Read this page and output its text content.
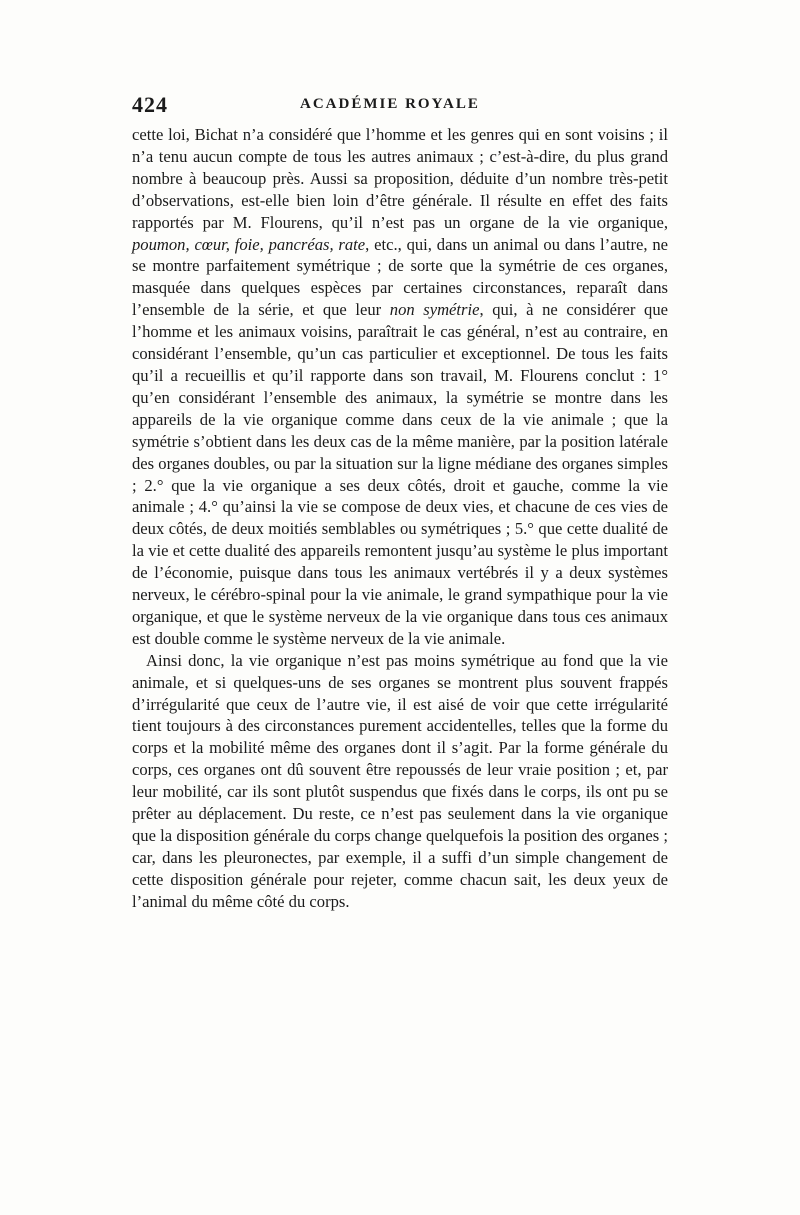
424	ACADÉMIE ROYALE

cette loi, Bichat n’a considéré que l’homme et les genres qui en sont voisins ; il n’a tenu aucun compte de tous les autres animaux ; c’est-à-dire, du plus grand nombre à beaucoup près. Aussi sa proposition, déduite d’un nombre très-petit d’observations, est-elle bien loin d’être générale. Il résulte en effet des faits rapportés par M. Flourens, qu’il n’est pas un organe de la vie organique, poumon, cœur, foie, pancréas, rate, etc., qui, dans un animal ou dans l’autre, ne se montre parfaitement symétrique ; de sorte que la symétrie de ces organes, masquée dans quelques espèces par certaines circonstances, reparaît dans l’ensemble de la série, et que leur non symétrie, qui, à ne considérer que l’homme et les animaux voisins, paraîtrait le cas général, n’est au contraire, en considérant l’ensemble, qu’un cas particulier et exceptionnel. De tous les faits qu’il a recueillis et qu’il rapporte dans son travail, M. Flourens conclut : 1° qu’en considérant l’ensemble des animaux, la symétrie se montre dans les appareils de la vie organique comme dans ceux de la vie animale ; que la symétrie s’obtient dans les deux cas de la même manière, par la position latérale des organes doubles, ou par la situation sur la ligne médiane des organes simples ; 2.° que la vie organique a ses deux côtés, droit et gauche, comme la vie animale ; 4.° qu’ainsi la vie se compose de deux vies, et chacune de ces vies de deux côtés, de deux moitiés semblables ou symétriques ; 5.° que cette dualité de la vie et cette dualité des appareils remontent jusqu’au système le plus important de l’économie, puisque dans tous les animaux vertébrés il y a deux systèmes nerveux, le cérébro-spinal pour la vie animale, le grand sympathique pour la vie organique, et que le système nerveux de la vie organique dans tous ces animaux est double comme le système nerveux de la vie animale.

Ainsi donc, la vie organique n’est pas moins symétrique au fond que la vie animale, et si quelques-uns de ses organes se montrent plus souvent frappés d’irrégularité que ceux de l’autre vie, il est aisé de voir que cette irrégularité tient toujours à des circonstances purement accidentelles, telles que la forme du corps et la mobilité même des organes dont il s’agit. Par la forme générale du corps, ces organes ont dû souvent être repoussés de leur vraie position ; et, par leur mobilité, car ils sont plutôt suspendus que fixés dans le corps, ils ont pu se prêter au déplacement. Du reste, ce n’est pas seulement dans la vie organique que la disposition générale du corps change quelquefois la position des organes ; car, dans les pleuronectes, par exemple, il a suffi d’un simple changement de cette disposition générale pour rejeter, comme chacun sait, les deux yeux de l’animal du même côté du corps.
